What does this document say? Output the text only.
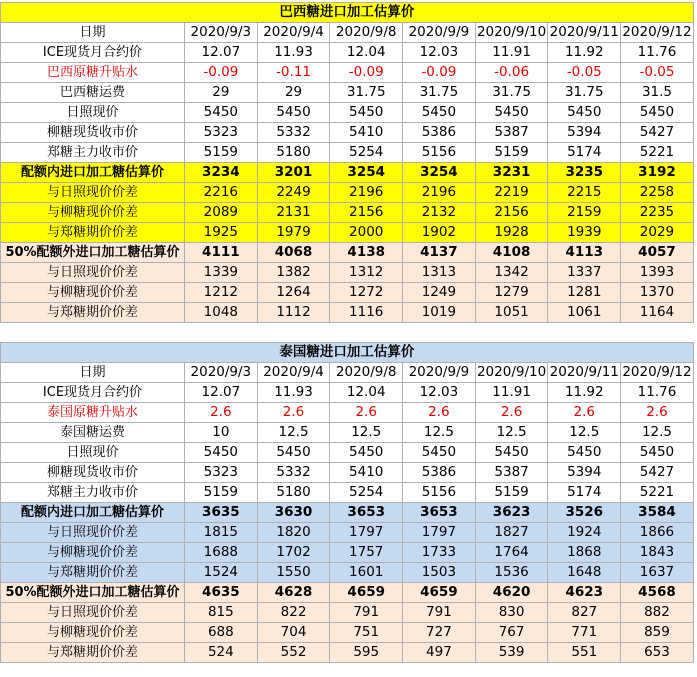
巴西糖进口加工估算价							
日期	2020/9/3	2020/9/4	2020/9/8	2020/9/9	2020/9/10	2020/9/11	2020/9/12
ICE现货月合约价	12.07	11.93	12.04	12.03	11.91	11.92	11.76
巴西原糖升贴水	-0.09	-0.11	-0.09	-0.09	-0.06	-0.05	-0.05
巴西糖运费	29	29	31.75	31.75	31.75	31.75	31.5
日照现价	5450	5450	5450	5450	5450	5450	5450
柳糖现货收市价	5323	5332	5410	5386	5387	5394	5427
郑糖主力收市价	5159	5180	5254	5156	5159	5174	5221
配额内进口加工糖估算价	3234	3201	3254	3254	3231	3235	3192
与日照现价价差	2216	2249	2196	2196	2219	2215	2258
与柳糖现价价差	2089	2131	2156	2132	2156	2159	2235
与郑糖期价价差	1925	1979	2000	1902	1928	1939	2029
50%配额外进口加工糖估算价	4111	4068	4138	4137	4108	4113	4057
与日照现价价差	1339	1382	1312	1313	1342	1337	1393
与柳糖现价价差	1212	1264	1272	1249	1279	1281	1370
与郑糖期价价差	1048	1112	1116	1019	1051	1061	1164
泰国糖进口加工估算价							
日期	2020/9/3	2020/9/4	2020/9/8	2020/9/9	2020/9/10	2020/9/11	2020/9/12
ICE现货月合约价	12.07	11.93	12.04	12.03	11.91	11.92	11.76
泰国原糖升贴水	2.6	2.6	2.6	2.6	2.6	2.6	2.6
泰国糖运费	10	12.5	12.5	12.5	12.5	12.5	12.5
日照现价	5450	5450	5450	5450	5450	5450	5450
柳糖现货收市价	5323	5332	5410	5386	5387	5394	5427
郑糖主力收市价	5159	5180	5254	5156	5159	5174	5221
配额内进口加工糖估算价	3635	3630	3653	3653	3623	3526	3584
与日照现价价差	1815	1820	1797	1797	1827	1924	1866
与柳糖现价价差	1688	1702	1757	1733	1764	1868	1843
与郑糖期价价差	1524	1550	1601	1503	1536	1648	1637
50%配额外进口加工糖估算价	4635	4628	4659	4659	4620	4623	4568
与日照现价价差	815	822	791	791	830	827	882
与柳糖现价价差	688	704	751	727	767	771	859
与郑糖期价价差	524	552	595	497	539	551	653
